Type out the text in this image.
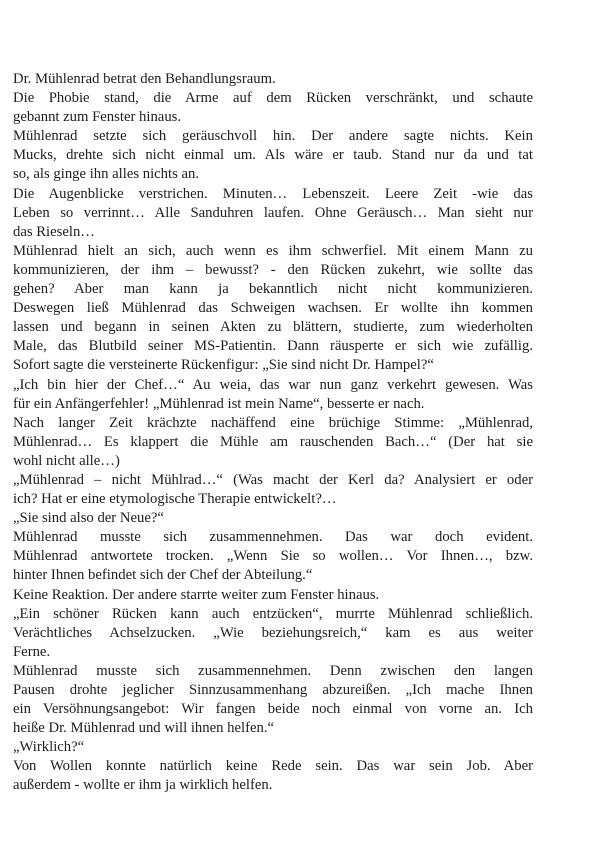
Dr. Mühlenrad betrat den Behandlungsraum.

Die Phobie stand, die Arme auf dem Rücken verschränkt, und schaute
gebannt zum Fenster hinaus.

Mühlenrad setzte sich geräuschvoll hin. Der andere sagte nichts. Kein
Mucks, drehte sich nicht einmal um. Als wäre er taub. Stand nur da und tat
so, als ginge ihn alles nichts an.

Die Augenblicke verstrichen. Minuten… Lebenszeit. Leere Zeit -wie das
Leben so verrinnt… Alle Sanduhren laufen. Ohne Geräusch… Man sieht nur
das Rieseln…

Mühlenrad hielt an sich, auch wenn es ihm schwerfiel. Mit einem Mann zu
kommunizieren, der ihm – bewusst? - den Rücken zukehrt, wie sollte das
gehen? Aber man kann ja bekanntlich nicht nicht kommunizieren.
Deswegen ließ Mühlenrad das Schweigen wachsen. Er wollte ihn kommen
lassen und begann in seinen Akten zu blättern, studierte, zum wiederholten
Male, das Blutbild seiner MS-Patientin. Dann räusperte er sich wie zufällig.
Sofort sagte die versteinerte Rückenfigur: „Sie sind nicht Dr. Hampel?“

„Ich bin hier der Chef…“ Au weia, das war nun ganz verkehrt gewesen. Was
für ein Anfängerfehler! „Mühlenrad ist mein Name“, besserte er nach.

Nach langer Zeit krächzte nachäffend eine brüchige Stimme: „Mühlenrad,
Mühlenrad… Es klappert die Mühle am rauschenden Bach…“ (Der hat sie
wohl nicht alle…)

„Mühlenrad – nicht Mühlrad…“ (Was macht der Kerl da? Analysiert er oder
ich? Hat er eine etymologische Therapie entwickelt?…

„Sie sind also der Neue?“

Mühlenrad musste sich zusammennehmen. Das war doch evident.
Mühlenrad antwortete trocken. „Wenn Sie so wollen… Vor Ihnen…, bzw.
hinter Ihnen befindet sich der Chef der Abteilung.“

Keine Reaktion. Der andere starrte weiter zum Fenster hinaus.

„Ein schöner Rücken kann auch entzücken“, murrte Mühlenrad schließlich.
Verächtliches Achselzucken. „Wie beziehungsreich,“ kam es aus weiter
Ferne.

Mühlenrad musste sich zusammennehmen. Denn zwischen den langen
Pausen drohte jeglicher Sinnzusammenhang abzureißen. „Ich mache Ihnen
ein Versöhnungsangebot: Wir fangen beide noch einmal von vorne an. Ich
heiße Dr. Mühlenrad und will ihnen helfen.“

„Wirklich?“

Von Wollen konnte natürlich keine Rede sein. Das war sein Job. Aber
außerdem - wollte er ihm ja wirklich helfen.
